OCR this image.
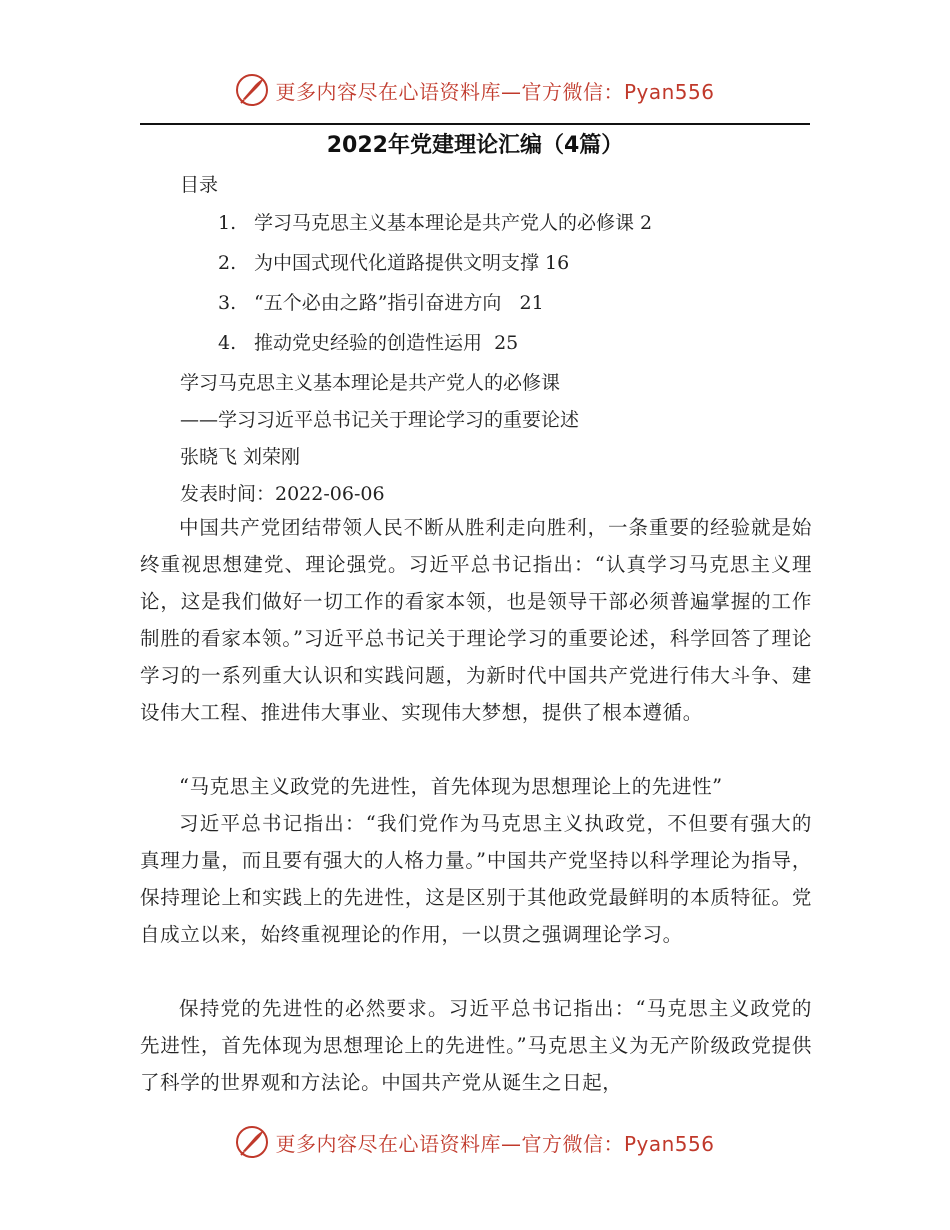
更多内容尽在心语资料库—官方微信：Pyan556
2022年党建理论汇编（4篇）
目录
1. 学习马克思主义基本理论是共产党人的必修课 2
2. 为中国式现代化道路提供文明支撑 16
3. “五个必由之路”指引奋进方向   21
4. 推动党史经验的创造性运用  25
学习马克思主义基本理论是共产党人的必修课
——学习习近平总书记关于理论学习的重要论述
张晓飞 刘荣刚
发表时间：2022-06-06
中国共产党团结带领人民不断从胜利走向胜利，一条重要的经验就是始终重视思想建党、理论强党。习近平总书记指出：“认真学习马克思主义理论，这是我们做好一切工作的看家本领，也是领导干部必须普遍掌握的工作制胜的看家本领。”习近平总书记关于理论学习的重要论述，科学回答了理论学习的一系列重大认识和实践问题，为新时代中国共产党进行伟大斗争、建设伟大工程、推进伟大事业、实现伟大梦想，提供了根本遵循。
“马克思主义政党的先进性，首先体现为思想理论上的先进性”
习近平总书记指出：“我们党作为马克思主义执政党，不但要有强大的真理力量，而且要有强大的人格力量。”中国共产党坚持以科学理论为指导，保持理论上和实践上的先进性，这是区别于其他政党最鲜明的本质特征。党自成立以来，始终重视理论的作用，一以贯之强调理论学习。
保持党的先进性的必然要求。习近平总书记指出：“马克思主义政党的先进性，首先体现为思想理论上的先进性。”马克思主义为无产阶级政党提供了科学的世界观和方法论。中国共产党从诞生之日起，
更多内容尽在心语资料库—官方微信：Pyan556
